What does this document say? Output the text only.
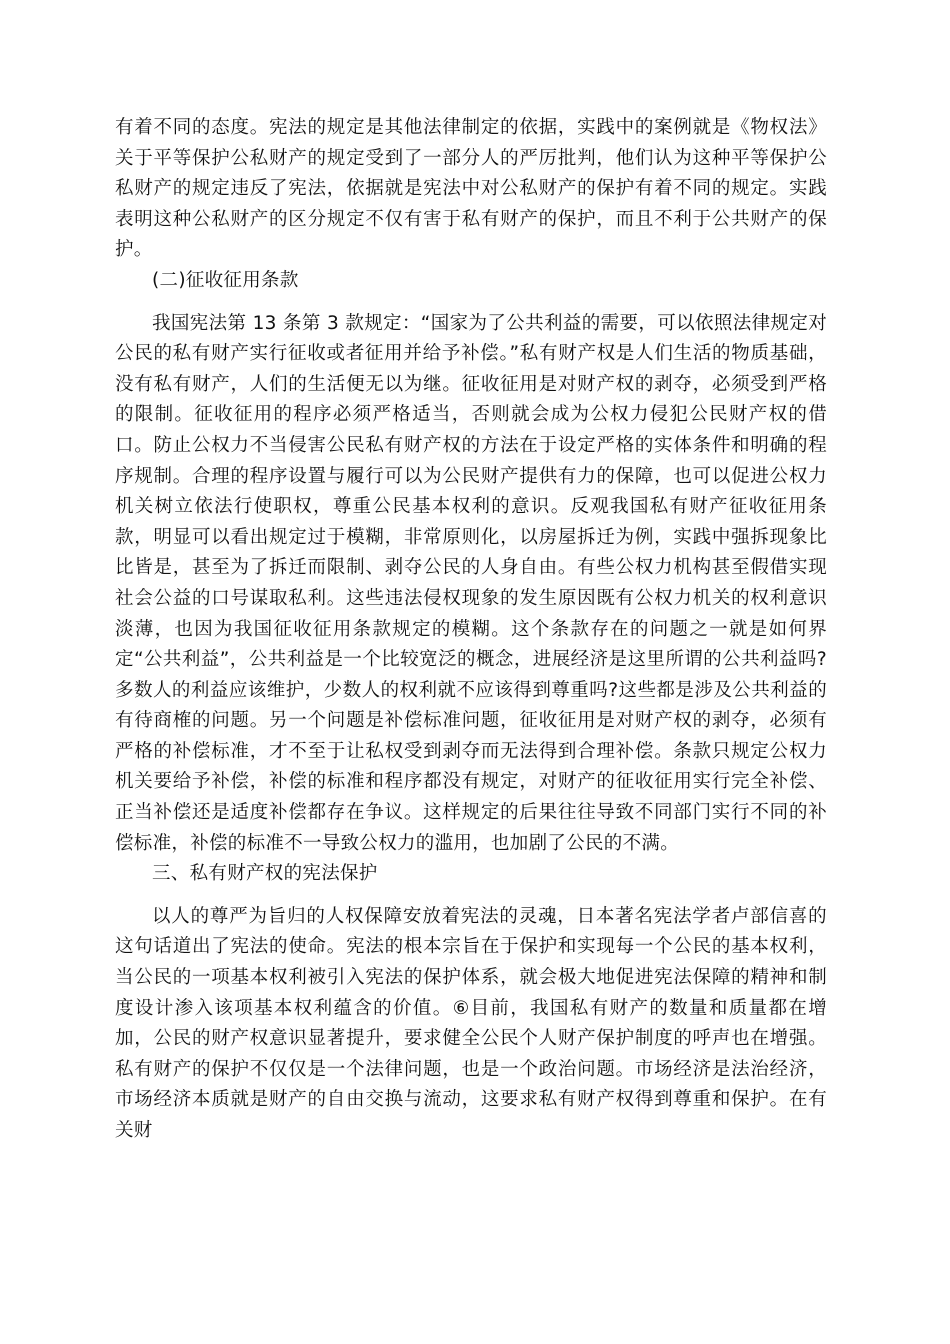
有着不同的态度。宪法的规定是其他法律制定的依据，实践中的案例就是《物权法》关于平等保护公私财产的规定受到了一部分人的严厉批判，他们认为这种平等保护公私财产的规定违反了宪法，依据就是宪法中对公私财产的保护有着不同的规定。实践表明这种公私财产的区分规定不仅有害于私有财产的保护，而且不利于公共财产的保护。

(二)征收征用条款

我国宪法第 13 条第 3 款规定：“国家为了公共利益的需要，可以依照法律规定对公民的私有财产实行征收或者征用并给予补偿。”私有财产权是人们生活的物质基础，没有私有财产，人们的生活便无以为继。征收征用是对财产权的剥夺，必须受到严格的限制。征收征用的程序必须严格适当，否则就会成为公权力侵犯公民财产权的借口。防止公权力不当侵害公民私有财产权的方法在于设定严格的实体条件和明确的程序规制。合理的程序设置与履行可以为公民财产提供有力的保障，也可以促进公权力机关树立依法行使职权，尊重公民基本权利的意识。反观我国私有财产征收征用条款，明显可以看出规定过于模糊，非常原则化，以房屋拆迁为例，实践中强拆现象比比皆是，甚至为了拆迁而限制、剥夺公民的人身自由。有些公权力机构甚至假借实现社会公益的口号谋取私利。这些违法侵权现象的发生原因既有公权力机关的权利意识淡薄，也因为我国征收征用条款规定的模糊。这个条款存在的问题之一就是如何界定“公共利益”，公共利益是一个比较宽泛的概念，进展经济是这里所谓的公共利益吗?多数人的利益应该维护，少数人的权利就不应该得到尊重吗?这些都是涉及公共利益的有待商榷的问题。另一个问题是补偿标准问题，征收征用是对财产权的剥夺，必须有严格的补偿标准，才不至于让私权受到剥夺而无法得到合理补偿。条款只规定公权力机关要给予补偿，补偿的标准和程序都没有规定，对财产的征收征用实行完全补偿、正当补偿还是适度补偿都存在争议。这样规定的后果往往导致不同部门实行不同的补偿标准，补偿的标准不一导致公权力的滥用，也加剧了公民的不满。

三、私有财产权的宪法保护

以人的尊严为旨归的人权保障安放着宪法的灵魂，日本著名宪法学者卢部信喜的这句话道出了宪法的使命。宪法的根本宗旨在于保护和实现每一个公民的基本权利，当公民的一项基本权利被引入宪法的保护体系，就会极大地促进宪法保障的精神和制度设计渗入该项基本权利蕴含的价值。⑥目前，我国私有财产的数量和质量都在增加，公民的财产权意识显著提升，要求健全公民个人财产保护制度的呼声也在增强。私有财产的保护不仅仅是一个法律问题，也是一个政治问题。市场经济是法治经济，市场经济本质就是财产的自由交换与流动，这要求私有财产权得到尊重和保护。在有关财
